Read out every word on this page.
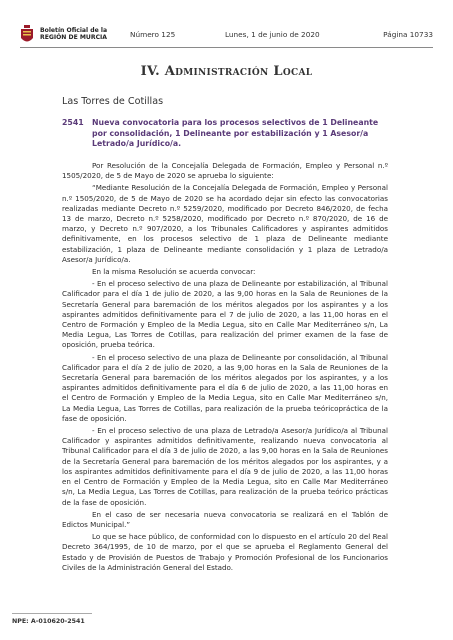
Boletín Oficial de la
REGIÓN DE MURCIA	Número 125	Lunes, 1 de junio de 2020	Página 10733
IV. Administración Local
Las Torres de Cotillas
2541 Nueva convocatoria para los procesos selectivos de 1 Delineante por consolidación, 1 Delineante por estabilización y 1 Asesor/a Letrado/a Jurídico/a.

Por Resolución de la Concejalía Delegada de Formación, Empleo y Personal n.º 1505/2020, de 5 de Mayo de 2020 se aprueba lo siguiente:

“Mediante Resolución de la Concejalía Delegada de Formación, Empleo y Personal n.º 1505/2020, de 5 de Mayo de 2020 se ha acordado dejar sin efecto las convocatorias realizadas mediante Decreto n.º 5259/2020, modificado por Decreto 846/2020, de fecha 13 de marzo, Decreto n.º 5258/2020, modificado por Decreto n.º 870/2020, de 16 de marzo, y Decreto n.º 907/2020, a los Tribunales Calificadores y aspirantes admitidos definitivamente, en los procesos selectivo de 1 plaza de Delineante mediante estabilización, 1 plaza de Delineante mediante consolidación y 1 plaza de Letrado/a Asesor/a Jurídico/a.

En la misma Resolución se acuerda convocar:

- En el proceso selectivo de una plaza de Delineante por estabilización, al Tribunal Calificador para el día 1 de julio de 2020, a las 9,00 horas en la Sala de Reuniones de la Secretaría General para baremación de los méritos alegados por los aspirantes y a los aspirantes admitidos definitivamente para el 7 de julio de 2020, a las 11,00 horas en el Centro de Formación y Empleo de la Media Legua, sito en Calle Mar Mediterráneo s/n, La Media Legua, Las Torres de Cotillas, para realización del primer examen de la fase de oposición, prueba teórica.

- En el proceso selectivo de una plaza de Delineante por consolidación, al Tribunal Calificador para el día 2 de julio de 2020, a las 9,00 horas en la Sala de Reuniones de la Secretaría General para baremación de los méritos alegados por los aspirantes, y a los aspirantes admitidos definitivamente para el día 6 de julio de 2020, a las 11,00 horas en el Centro de Formación y Empleo de la Media Legua, sito en Calle Mar Mediterráneo s/n, La Media Legua, Las Torres de Cotillas, para realización de la prueba teóricopráctica de la fase de oposición.

- En el proceso selectivo de una plaza de Letrado/a Asesor/a Jurídico/a al Tribunal Calificador y aspirantes admitidos definitivamente, realizando nueva convocatoria al Tribunal Calificador para el día 3 de julio de 2020, a las 9,00 horas en la Sala de Reuniones de la Secretaría General para baremación de los méritos alegados por los aspirantes, y a los aspirantes admitidos definitivamente para el día 9 de julio de 2020, a las 11,00 horas en el Centro de Formación y Empleo de la Media Legua, sito en Calle Mar Mediterráneo s/n, La Media Legua, Las Torres de Cotillas, para realización de la prueba teórico prácticas de la fase de oposición.

En el caso de ser necesaria nueva convocatoria se realizará en el Tablón de Edictos Municipal.”

Lo que se hace público, de conformidad con lo dispuesto en el artículo 20 del Real Decreto 364/1995, de 10 de marzo, por el que se aprueba el Reglamento General del Estado y de Provisión de Puestos de Trabajo y Promoción Profesional de los Funcionarios Civiles de la Administración General del Estado.

NPE: A-010620-2541
